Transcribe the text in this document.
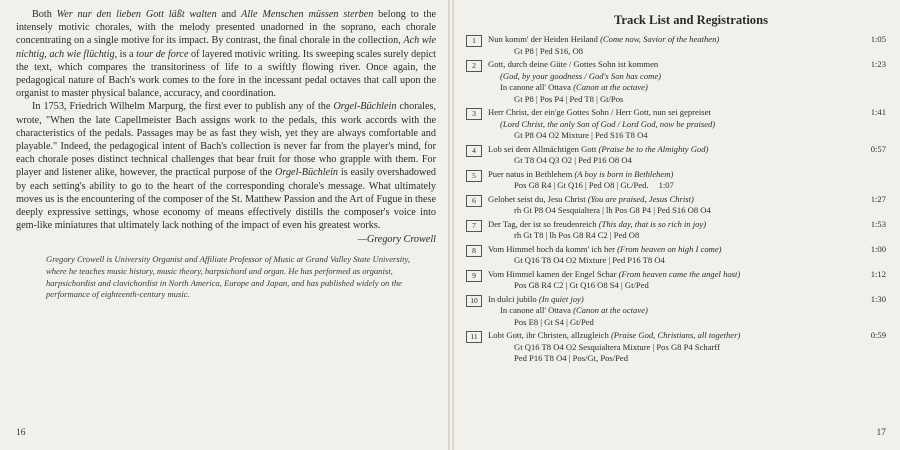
Both Wer nur den lieben Gott läßt walten and Alle Menschen müssen sterben belong to the intensely motivic chorales, with the melody presented unadorned in the soprano, each chorale concentrating on a single motive for its impact. By contrast, the final chorale in the collection, Ach wie nichtig, ach wie flüchtig, is a tour de force of layered motivic writing. Its sweeping scales surely depict the text, which compares the transitoriness of life to a swiftly flowing river. Once again, the pedagogical nature of Bach's work comes to the fore in the incessant pedal octaves that call upon the organist to master physical balance, accuracy, and coordination.

In 1753, Friedrich Wilhelm Marpurg, the first ever to publish any of the Orgel-Büchlein chorales, wrote, "When the late Capellmeister Bach assigns work to the pedals, this work accords with the characteristics of the pedals. Passages may be as fast they wish, yet they are always comfortable and playable." Indeed, the pedagogical intent of Bach's collection is never far from the player's mind, for each chorale poses distinct technical challenges that bear fruit for those who grapple with them. For player and listener alike, however, the practical purpose of the Orgel-Büchlein is easily overshadowed by each setting's ability to go to the heart of the corresponding chorale's message. What ultimately moves us is the encountering of the composer of the St. Matthew Passion and the Art of Fugue in these deeply expressive settings, whose economy of means effectively distills the composer's voice into gem-like miniatures that ultimately lack nothing of the impact of even his greatest works.

—Gregory Crowell
Gregory Crowell is University Organist and Affiliate Professor of Music at Grand Valley State University, where he teaches music history, music theory, harpsichord and organ. He has performed as organist, harpsichordist and clavichordist in North America, Europe and Japan, and has published widely on the performance of eighteenth-century music.
16
Track List and Registrations
1	Nun komm' der Heiden Heiland (Come now, Savior of the heathen)
Gt P8 | Ped S16, O8
1:05
2	Gott, durch deine Güte / Gottes Sohn ist kommen
(God, by your goodness / God's Son has come)
In canone all' Ottava (Canon at the octave)
Gt P8 | Pos P4 | Ped T8 | Gt/Pos
1:23
3	Herr Christ, der ein'ge Gottes Sohn / Herr Gott, nun sei gepreiset
(Lord Christ, the only Son of God / Lord God, now be praised)
Gt P8 O4 O2 Mixture | Ped S16 T8 O4
1:41
4	Lob sei dem Allmächtigen Gott (Praise be to the Almighty God)
Gt T8 O4 Q3 O2 | Ped P16 O8 O4
0:57
5	Puer natus in Bethlehem (A boy is born in Bethlehem)
Pos G8 R4 | Gt Q16 | Ped O8 | Gt./Ped. 1:07
6	Gelobet seist du, Jesu Christ (You are praised, Jesus Christ)
rh Gt P8 O4 Sesquialtera | lh Pos G8 P4 | Ped S16 O8 O4
1:27
7	Der Tag, der ist so freudenreich (This day, that is so rich in joy)
rh Gt T8 | lh Pos G8 R4 C2 | Ped O8
1:53
8	Vom Himmel hoch da komm' ich her (From heaven on high I come)
Gt Q16 T8 O4 O2 Mixture | Ped P16 T8 O4
1:00
9	Vom Himmel kamen der Engel Schar (From heaven came the angel host)
Pos G8 R4 C2 | Gt Q16 O8 S4 | Gt/Ped
1:12
10	In dulci jubilo (In quiet joy)
In canone all' Ottava (Canon at the octave)
Pos E8 | Gt S4 | Gt/Ped
1:30
11	Lobt Gott, ihr Christen, allzugleich (Praise God, Christians, all together)
Gt Q16 T8 O4 O2 Sesquialtera Mixture | Pos G8 P4 Scharff
Ped P16 T8 O4 | Pos/Gt, Pos/Ped
0:59
17
